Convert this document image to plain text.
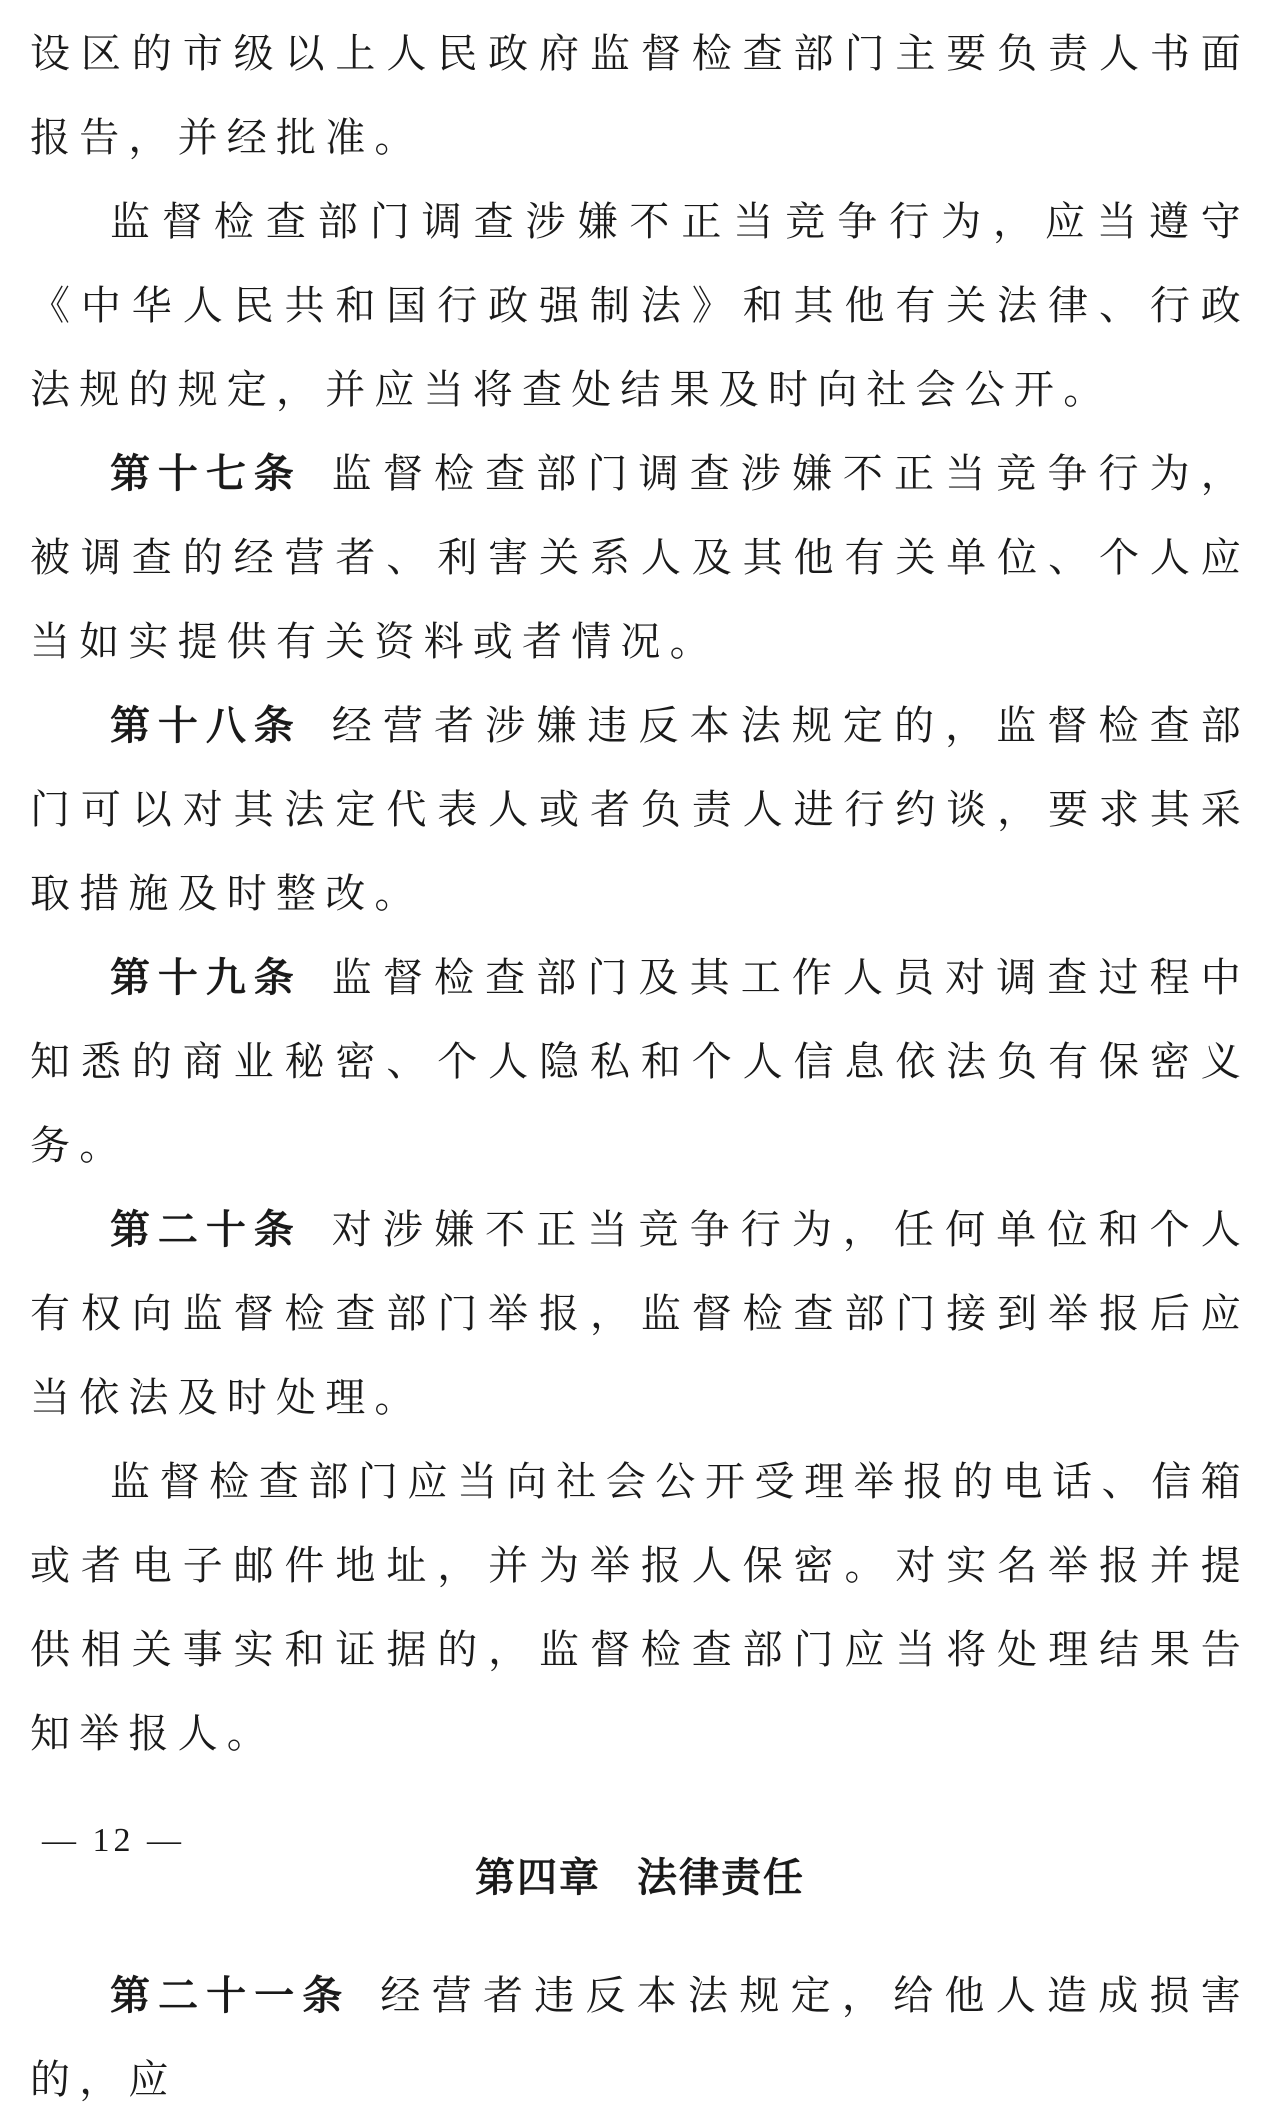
设区的市级以上人民政府监督检查部门主要负责人书面报告，并经批准。

监督检查部门调查涉嫌不正当竞争行为，应当遵守《中华人民共和国行政强制法》和其他有关法律、行政法规的规定，并应当将查处结果及时向社会公开。

第十七条 监督检查部门调查涉嫌不正当竞争行为，被调查的经营者、利害关系人及其他有关单位、个人应当如实提供有关资料或者情况。

第十八条 经营者涉嫌违反本法规定的，监督检查部门可以对其法定代表人或者负责人进行约谈，要求其采取措施及时整改。

第十九条 监督检查部门及其工作人员对调查过程中知悉的商业秘密、个人隐私和个人信息依法负有保密义务。

第二十条 对涉嫌不正当竞争行为，任何单位和个人有权向监督检查部门举报，监督检查部门接到举报后应当依法及时处理。

监督检查部门应当向社会公开受理举报的电话、信箱或者电子邮件地址，并为举报人保密。对实名举报并提供相关事实和证据的，监督检查部门应当将处理结果告知举报人。

第四章 法律责任

第二十一条 经营者违反本法规定，给他人造成损害的，应

— 12 —
